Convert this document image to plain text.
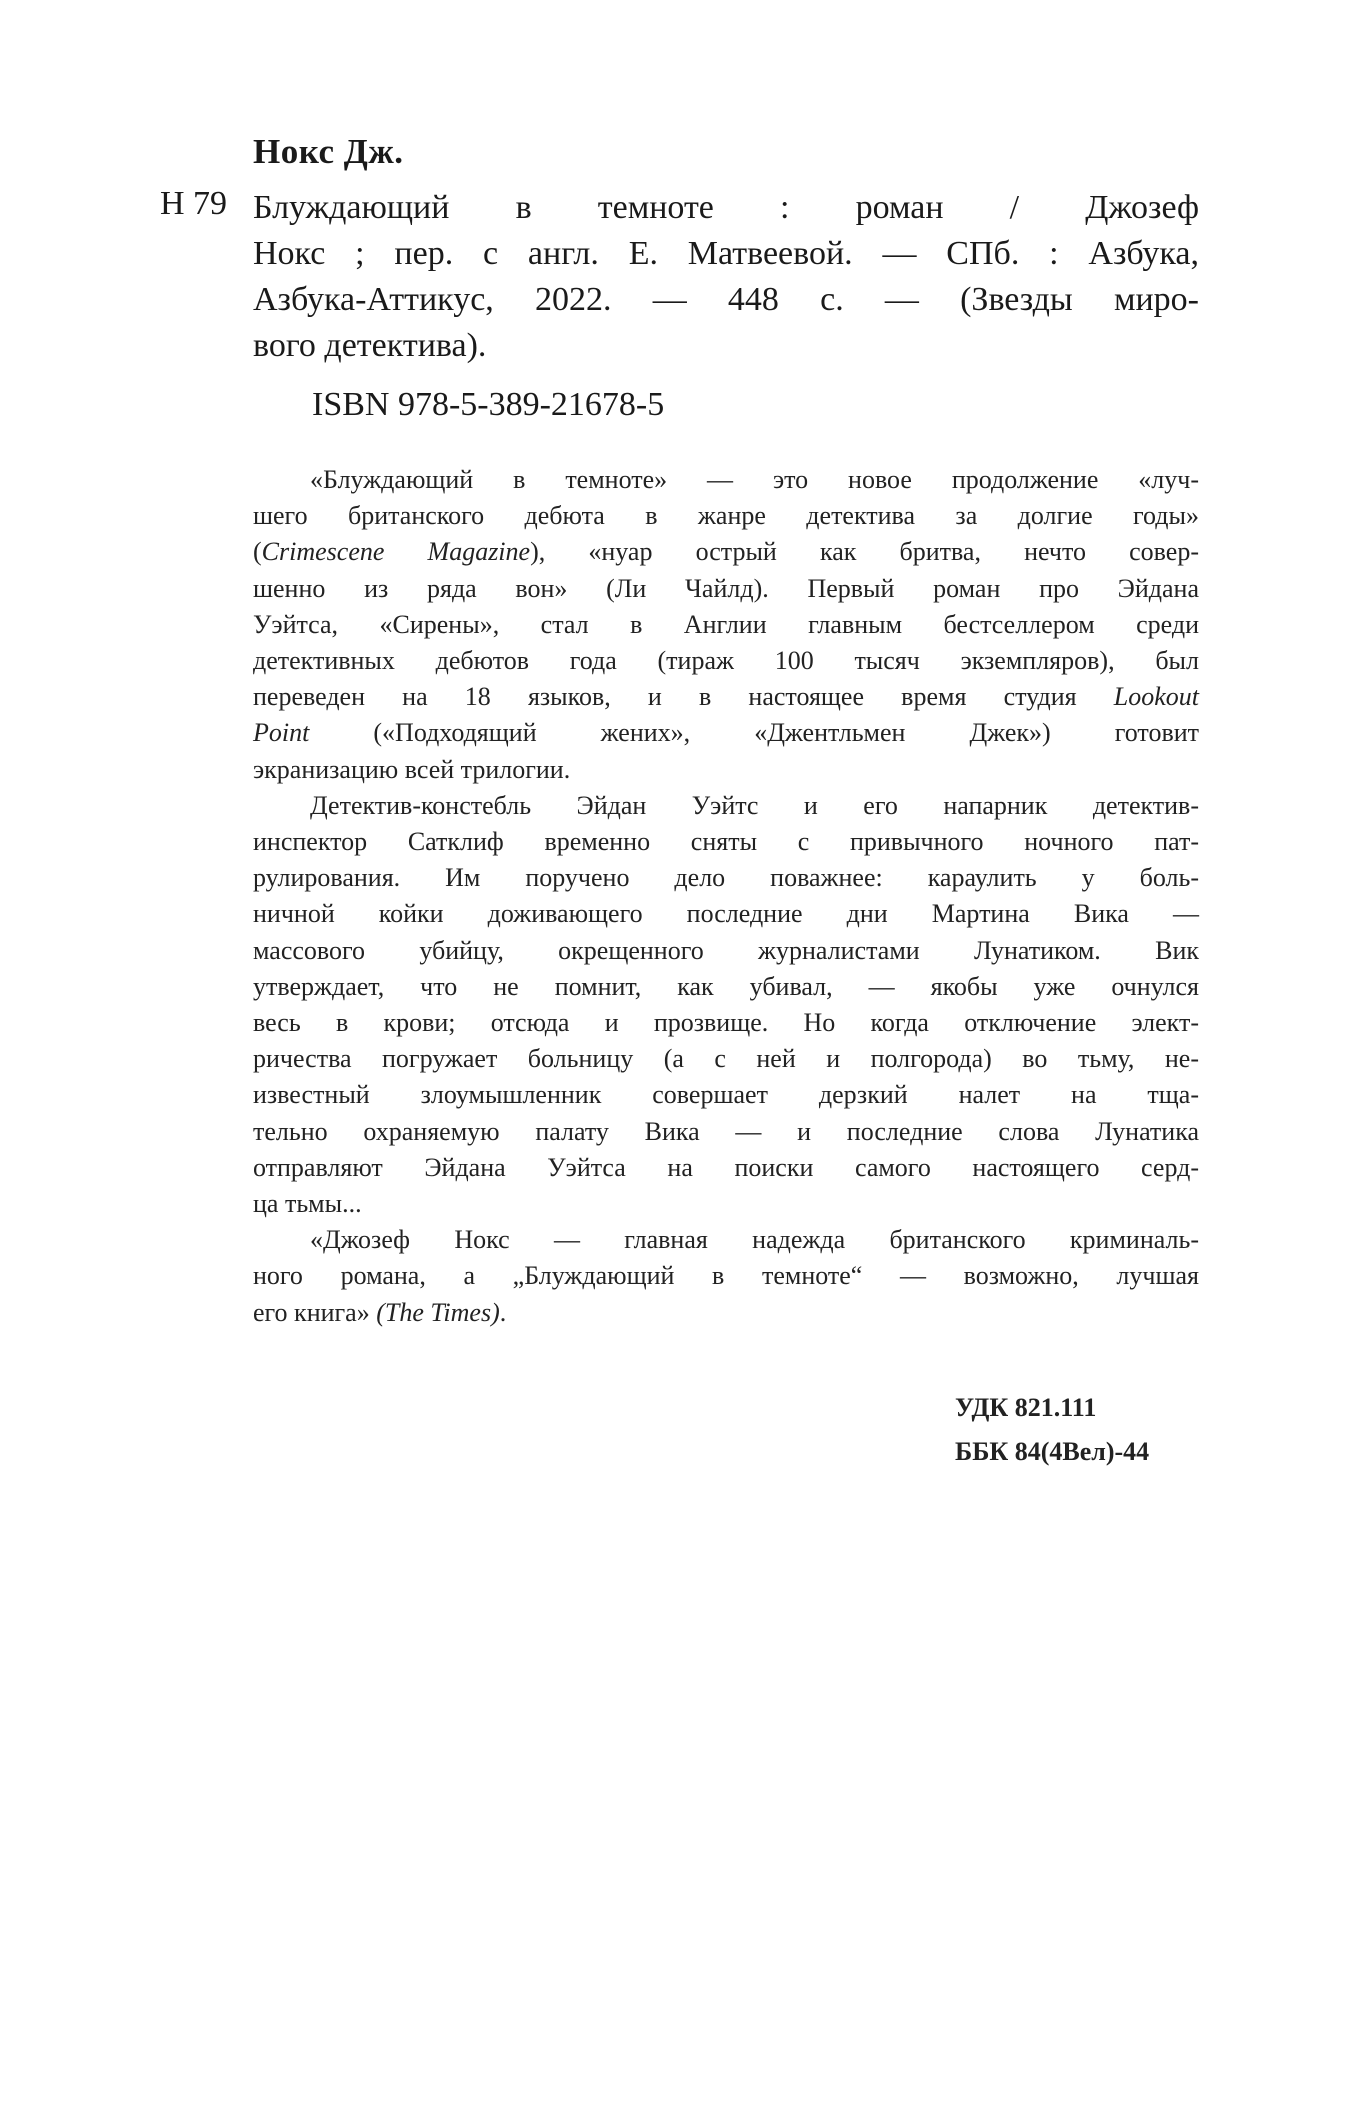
Нокс Дж.
Н 79 Блуждающий в темноте : роман / Джозеф
Нокс ; пер. с англ. Е. Матвеевой. — СПб. : Азбука,
Азбука-Аттикус, 2022. — 448 с. — (Звезды миро-
вого детектива).
ISBN 978-5-389-21678-5
«Блуждающий в темноте» — это новое продолжение «луч-
шего британского дебюта в жанре детектива за долгие годы»
(Crimescene Magazine), «нуар острый как бритва, нечто совер-
шенно из ряда вон» (Ли Чайлд). Первый роман про Эйдана
Уэйтса, «Сирены», стал в Англии главным бестселлером среди
детективных дебютов года (тираж 100 тысяч экземпляров), был
переведен на 18 языков, и в настоящее время студия Lookout
Point («Подходящий жених», «Джентльмен Джек») готовит
экранизацию всей трилогии.
Детектив-констебль Эйдан Уэйтс и его напарник детектив-
инспектор Сатклиф временно сняты с привычного ночного пат-
рулирования. Им поручено дело поважнее: караулить у боль-
ничной койки доживающего последние дни Мартина Вика —
массового убийцу, окрещенного журналистами Лунатиком. Вик
утверждает, что не помнит, как убивал, — якобы уже очнулся
весь в крови; отсюда и прозвище. Но когда отключение элект-
ричества погружает больницу (а с ней и полгорода) во тьму, не-
известный злоумышленник совершает дерзкий налет на тща-
тельно охраняемую палату Вика — и последние слова Лунатика
отправляют Эйдана Уэйтса на поиски самого настоящего серд-
ца тьмы...
«Джозеф Нокс — главная надежда британского криминаль-
ного романа, а „Блуждающий в темноте“ — возможно, лучшая
его книга» (The Times).
УДК 821.111
ББК 84(4Вел)-44
